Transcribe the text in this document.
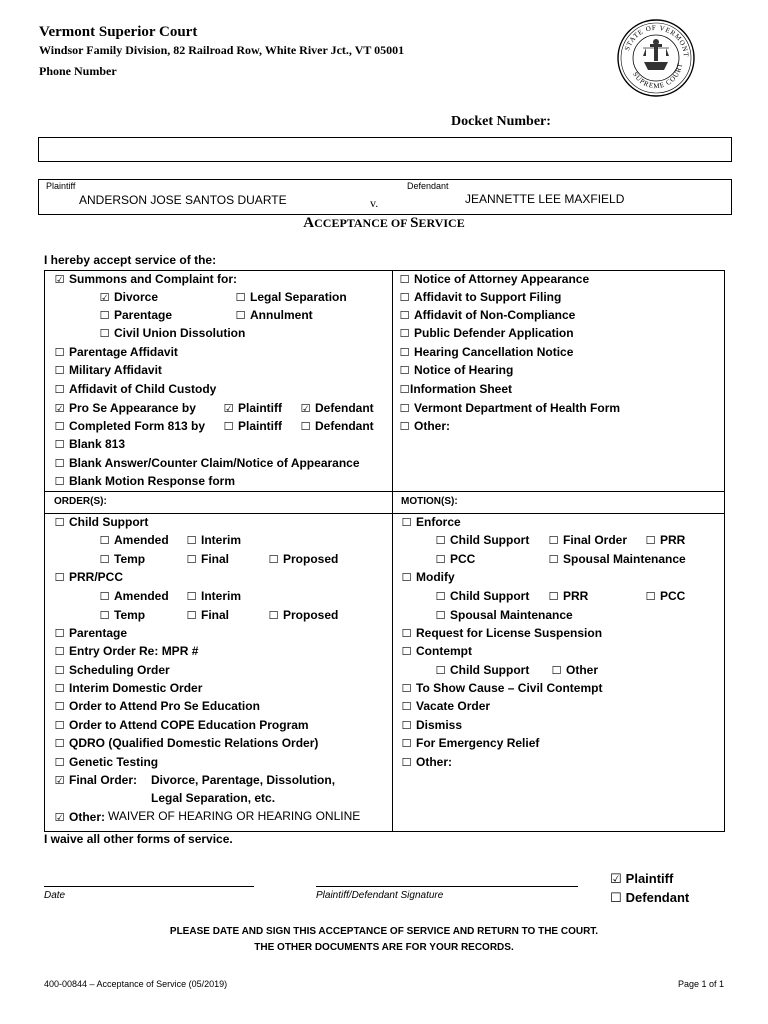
Vermont Superior Court
Windsor Family Division, 82 Railroad Row, White River Jct., VT 05001
Phone Number
STATE OF VERMONT
SUPREME COURT
Docket Number:
Plaintiff
ANDERSON JOSE SANTOS DUARTE	v.
Defendant
JEANNETTE LEE MAXFIELD
ACCEPTANCE OF SERVICE
I hereby accept service of the:
☑ Summons and Complaint for:
☑ Divorce	☐ Legal Separation
☐ Parentage	☐ Annulment
☐ Civil Union Dissolution
☐ Parentage Affidavit
☐ Military Affidavit
☐ Affidavit of Child Custody
☑ Pro Se Appearance by	☑ Plaintiff ☑ Defendant
☐ Completed Form 813 by ☐ Plaintiff ☐ Defendant
☐ Blank 813
☐ Blank Answer/Counter Claim/Notice of Appearance
☐ Blank Motion Response form
☐ Notice of Attorney Appearance
☐ Affidavit to Support Filing
☐ Affidavit of Non-Compliance
☐ Public Defender Application
☐ Hearing Cancellation Notice
☐ Notice of Hearing
☐Information Sheet
☐ Vermont Department of Health Form
☐ Other:
ORDER(S):	MOTION(S):
☐ Child Support
☐ Amended ☐ Interim
☐ Temp	☐ Final	☐ Proposed
☐ PRR/PCC
☐ Amended ☐ Interim
☐ Temp	☐ Final	☐ Proposed
☐ Parentage
☐ Entry Order Re: MPR #
☐ Scheduling Order
☐ Interim Domestic Order
☐ Order to Attend Pro Se Education
☐ Order to Attend COPE Education Program
☐ QDRO (Qualified Domestic Relations Order)
☐ Genetic Testing
☑ Final Order: Divorce, Parentage, Dissolution,
Legal Separation, etc.
☑ Other: WAIVER OF HEARING OR HEARING ONLINE
☐ Enforce
☐ Child Support ☐ Final Order ☐ PRR
☐ PCC	☐ Spousal Maintenance
☐ Modify
☐ Child Support ☐ PRR	☐ PCC
☐ Spousal Maintenance
☐ Request for License Suspension
☐ Contempt
☐ Child Support ☐ Other
☐ To Show Cause – Civil Contempt
☐ Vacate Order
☐ Dismiss
☐ For Emergency Relief
☐ Other:
I waive all other forms of service.
Date	Plaintiff/Defendant Signature
☑ Plaintiff
☐ Defendant
PLEASE DATE AND SIGN THIS ACCEPTANCE OF SERVICE AND RETURN TO THE COURT.
THE OTHER DOCUMENTS ARE FOR YOUR RECORDS.
400-00844 – Acceptance of Service (05/2019)	Page 1 of 1
